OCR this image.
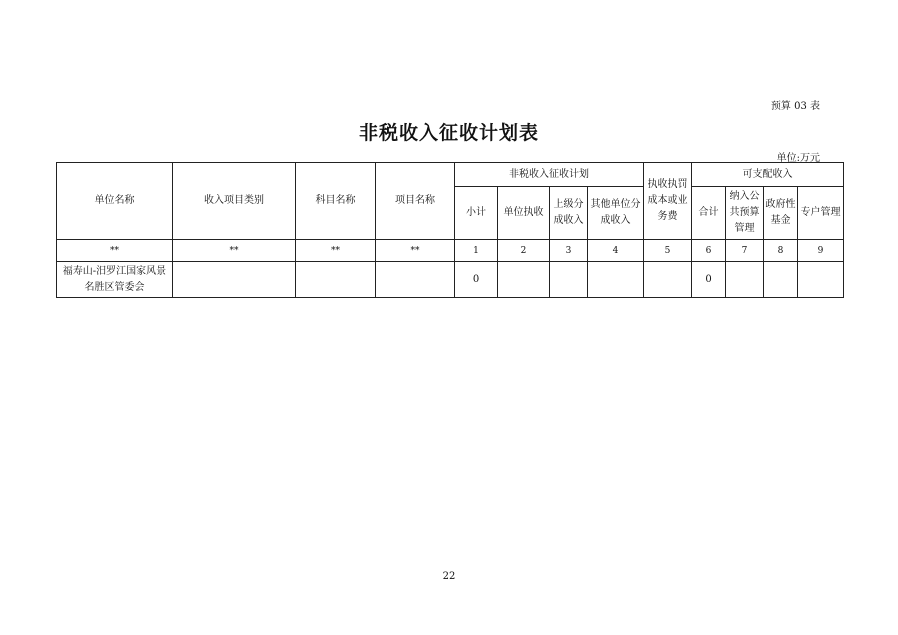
预算 03 表
非税收入征收计划表
单位:万元
单位名称	收入项目类别	科目名称	项目名称	非税收入征收计划				执收执罚成本或业务费	可支配收入			
				小计	单位执收	上级分成收入	其他单位分成收入		合计	纳入公共预算管理	政府性基金	专户管理
**	**	**	**	1	2	3	4	5	6	7	8	9
福寿山-汨罗江国家风景名胜区管委会				0					0			
22
